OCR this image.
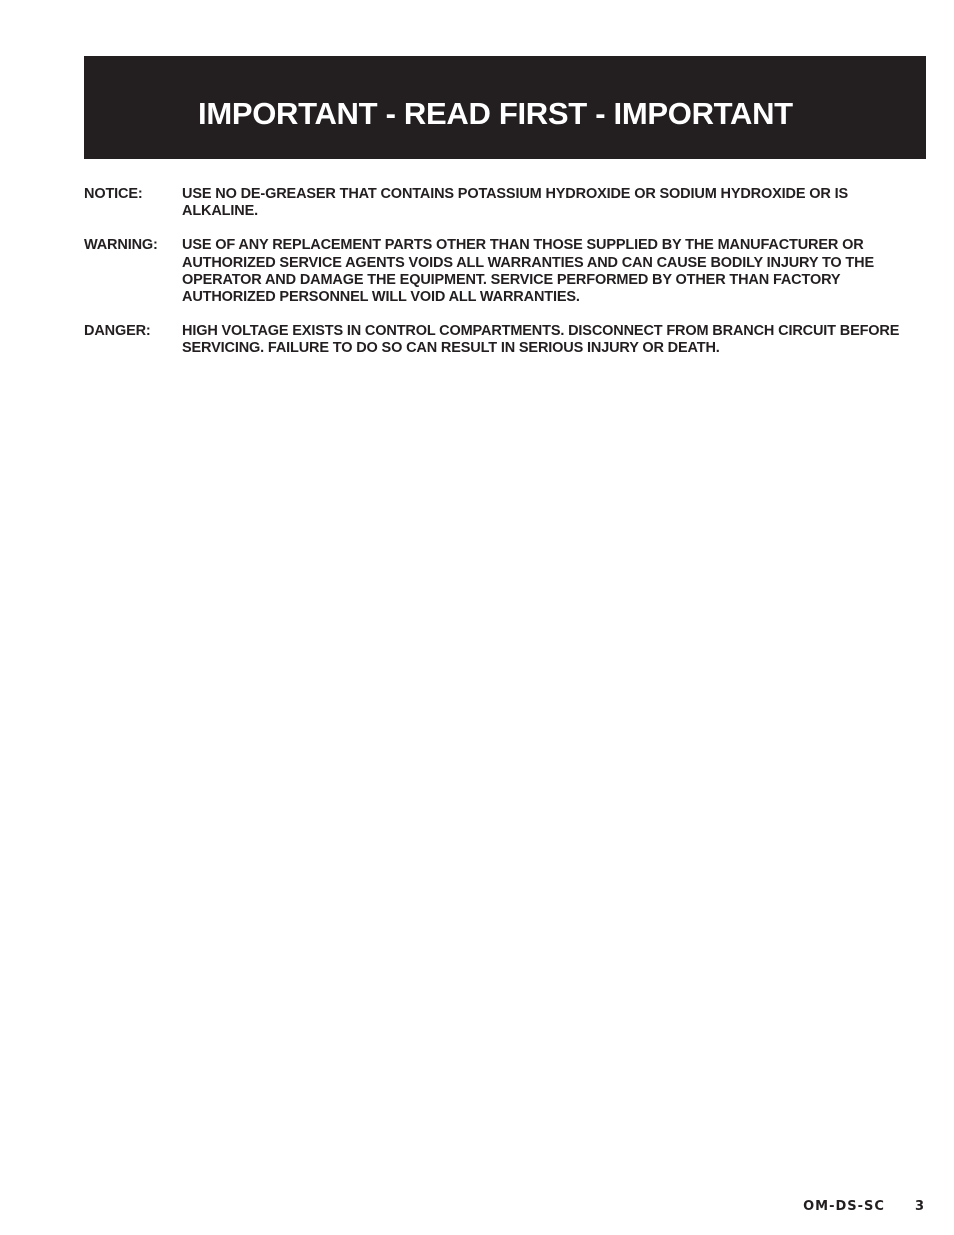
IMPORTANT - READ FIRST - IMPORTANT
NOTICE:	USE NO DE-GREASER THAT CONTAINS POTASSIUM HYDROXIDE OR SODIUM HYDROXIDE OR IS ALKALINE.
WARNING:	USE OF ANY REPLACEMENT PARTS OTHER THAN THOSE SUPPLIED BY THE MANUFACTURER OR AUTHORIZED SERVICE AGENTS VOIDS ALL WARRANTIES AND CAN CAUSE BODILY INJURY TO THE OPERATOR AND DAMAGE THE EQUIPMENT. SERVICE PERFORMED BY OTHER THAN FACTORY AUTHORIZED PERSONNEL WILL VOID ALL WARRANTIES.
DANGER:	HIGH VOLTAGE EXISTS IN CONTROL COMPARTMENTS. DISCONNECT FROM BRANCH CIRCUIT BEFORE SERVICING. FAILURE TO DO SO CAN RESULT IN SERIOUS INJURY OR DEATH.
OM-DS-SC 3
